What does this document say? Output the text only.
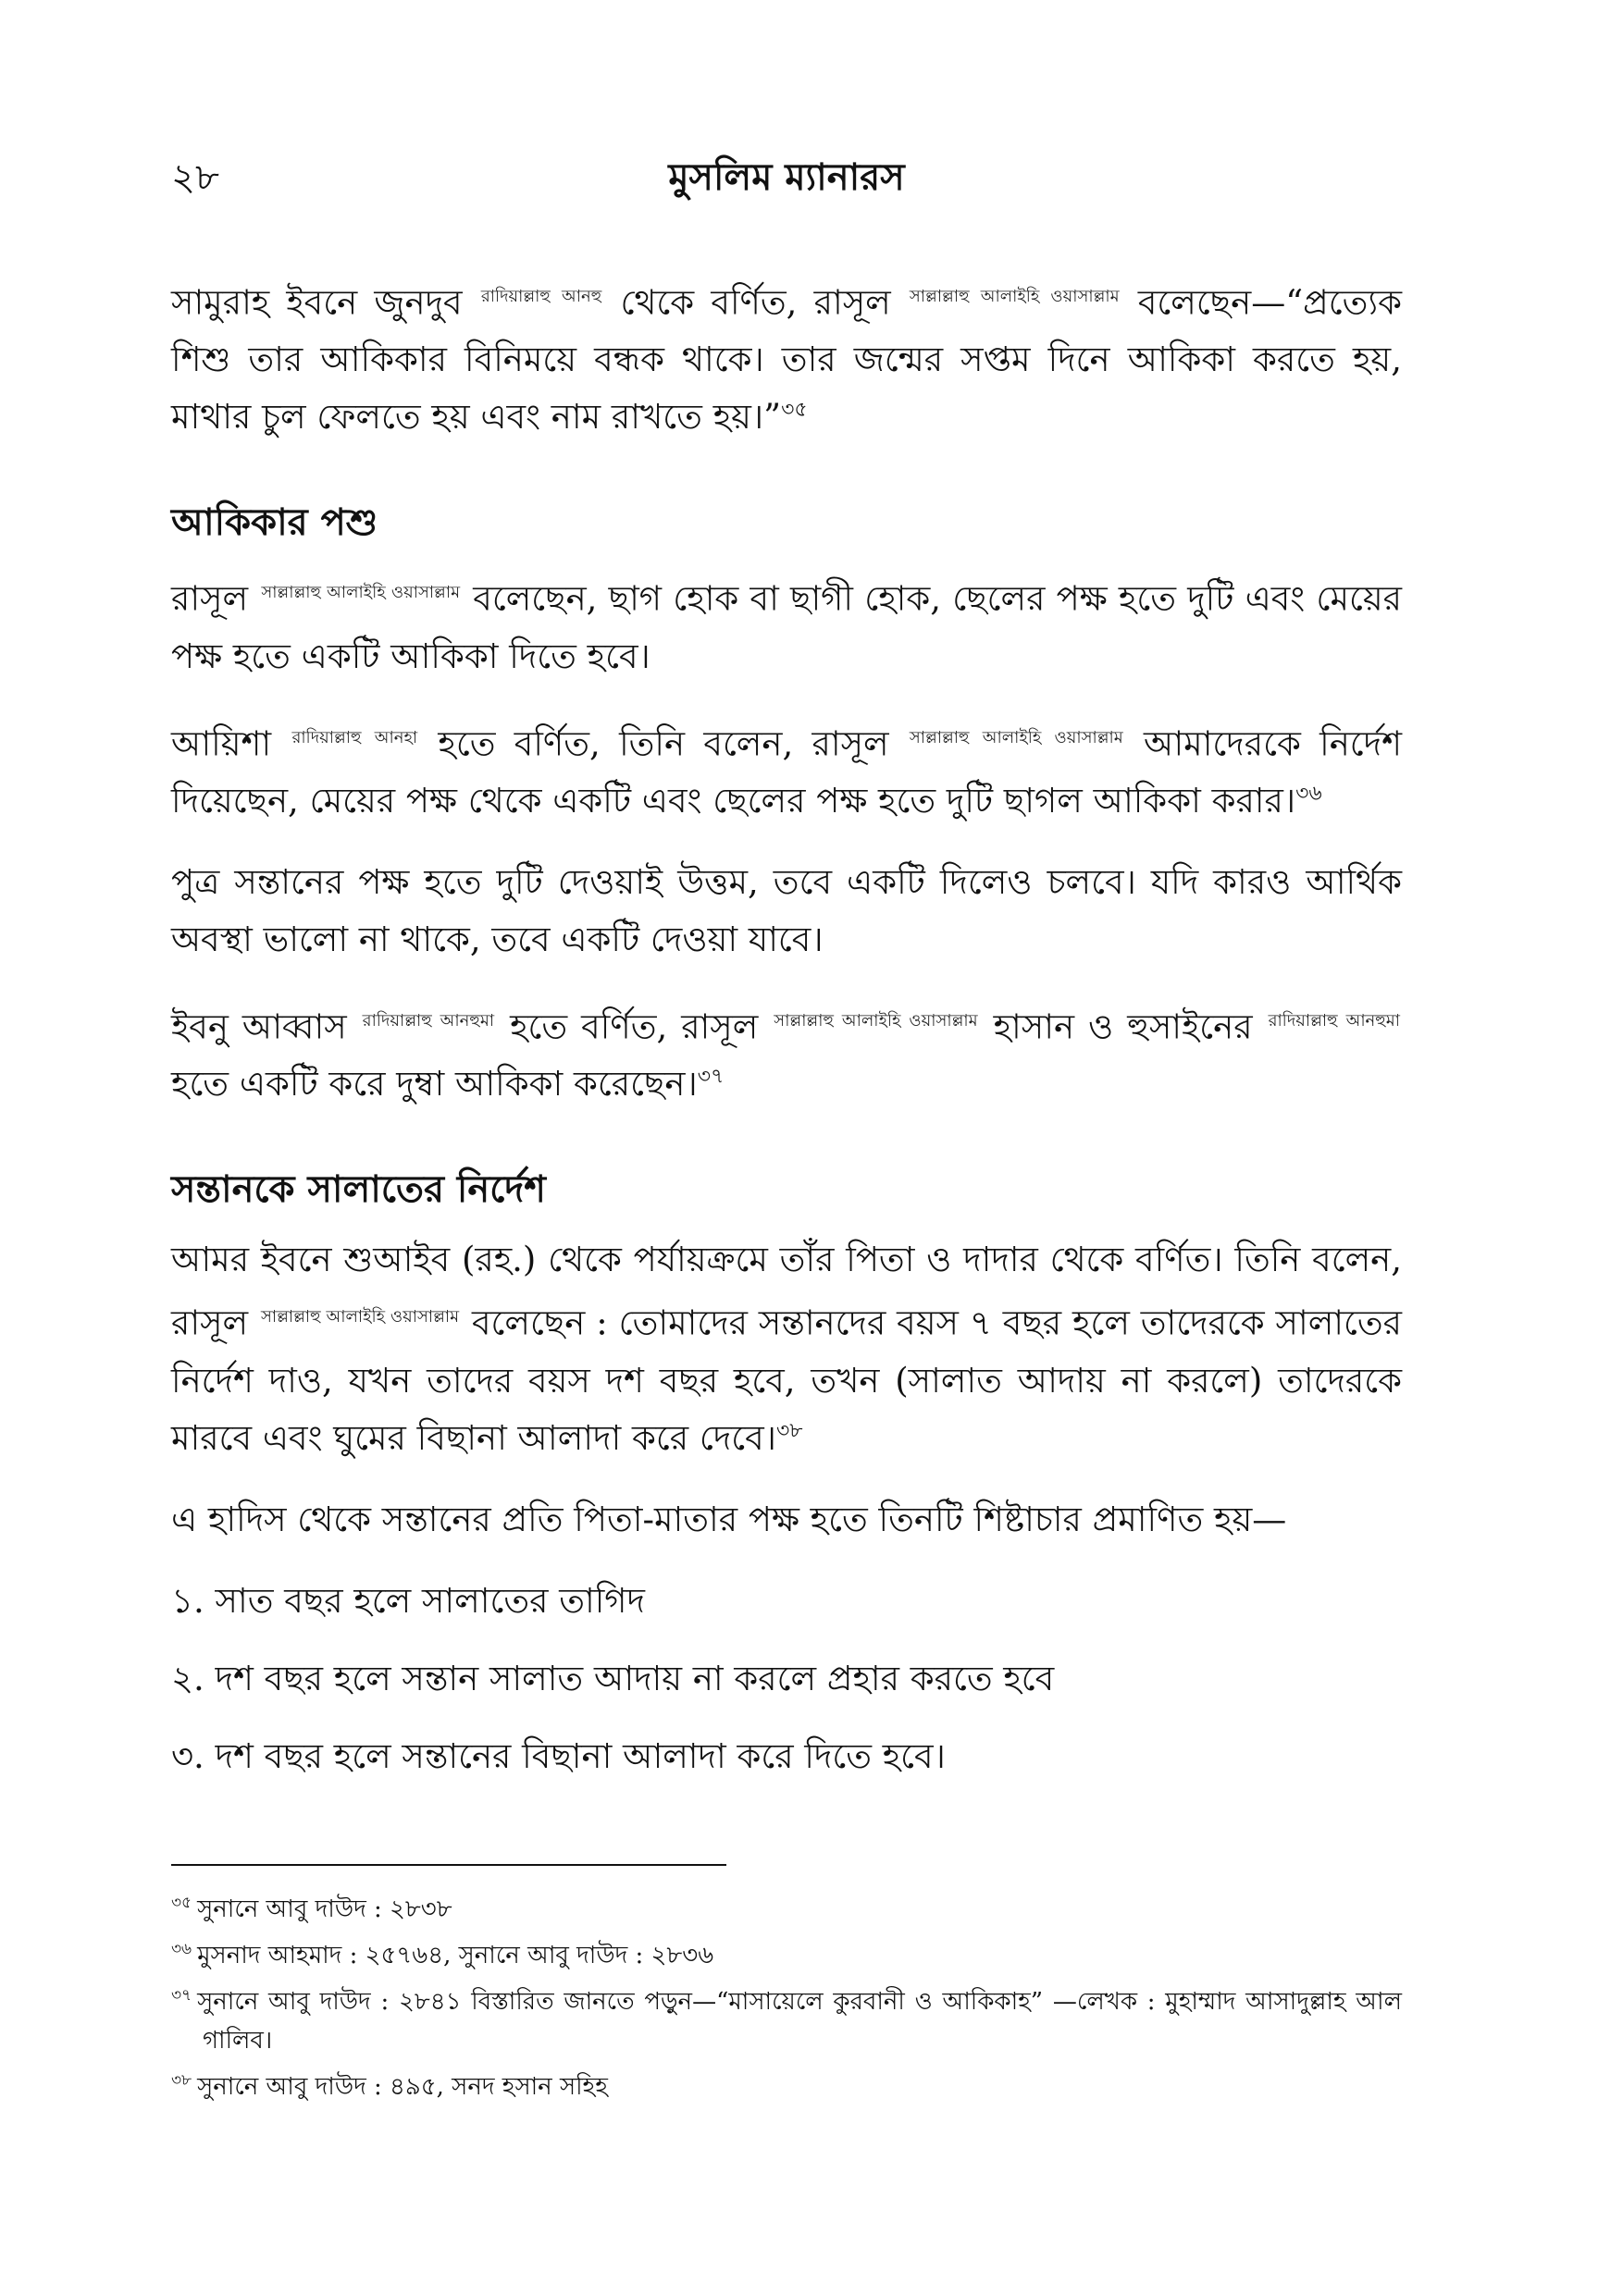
২৮	মুসলিম ম্যানারস

সামুরাহ ইবনে জুনদুব $^{রাদিয়াল্লাহু আনহু}$ থেকে বর্ণিত, রাসূল $^{সাল্লাল্লাহু আলাইহি ওয়াসাল্লাম}$ বলেছেন—“প্রত্যেক শিশু তার আকিকার বিনিময়ে বন্ধক থাকে। তার জন্মের সপ্তম দিনে আকিকা করতে হয়, মাথার চুল ফেলতে হয় এবং নাম রাখতে হয়।”$^{৩৫}$

আকিকার পশু

রাসূল $^{সাল্লাল্লাহু আলাইহি ওয়াসাল্লাম}$ বলেছেন, ছাগ হোক বা ছাগী হোক, ছেলের পক্ষ হতে দুটি এবং মেয়ের পক্ষ হতে একটি আকিকা দিতে হবে।

আয়িশা $^{রাদিয়াল্লাহু আনহা}$ হতে বর্ণিত, তিনি বলেন, রাসূল $^{সাল্লাল্লাহু আলাইহি ওয়াসাল্লাম}$ আমাদেরকে নির্দেশ দিয়েছেন, মেয়ের পক্ষ থেকে একটি এবং ছেলের পক্ষ হতে দুটি ছাগল আকিকা করার।$^{৩৬}$

পুত্র সন্তানের পক্ষ হতে দুটি দেওয়াই উত্তম, তবে একটি দিলেও চলবে। যদি কারও আর্থিক অবস্থা ভালো না থাকে, তবে একটি দেওয়া যাবে।

ইবনু আব্বাস $^{রাদিয়াল্লাহু আনহুমা}$ হতে বর্ণিত, রাসূল $^{সাল্লাল্লাহু আলাইহি ওয়াসাল্লাম}$ হাসান ও হুসাইনের $^{রাদিয়াল্লাহু আনহুমা}$ হতে একটি করে দুম্বা আকিকা করেছেন।$^{৩৭}$

সন্তানকে সালাতের নির্দেশ

আমর ইবনে শুআইব (রহ.) থেকে পর্যায়ক্রমে তাঁর পিতা ও দাদার থেকে বর্ণিত। তিনি বলেন, রাসূল $^{সাল্লাল্লাহু আলাইহি ওয়াসাল্লাম}$ বলেছেন : তোমাদের সন্তানদের বয়স ৭ বছর হলে তাদেরকে সালাতের নির্দেশ দাও, যখন তাদের বয়স দশ বছর হবে, তখন (সালাত আদায় না করলে) তাদেরকে মারবে এবং ঘুমের বিছানা আলাদা করে দেবে।$^{৩৮}$

এ হাদিস থেকে সন্তানের প্রতি পিতা-মাতার পক্ষ হতে তিনটি শিষ্টাচার প্রমাণিত হয়—

১. সাত বছর হলে সালাতের তাগিদ
২. দশ বছর হলে সন্তান সালাত আদায় না করলে প্রহার করতে হবে
৩. দশ বছর হলে সন্তানের বিছানা আলাদা করে দিতে হবে।
$^{৩৫}$ সুনানে আবু দাউদ : ২৮৩৮
$^{৩৬}$ মুসনাদ আহমাদ : ২৫৭৬৪, সুনানে আবু দাউদ : ২৮৩৬
$^{৩৭}$ সুনানে আবু দাউদ : ২৮৪১ বিস্তারিত জানতে পড়ুন—“মাসায়েলে কুরবানী ও আকিকাহ” —লেখক : মুহাম্মাদ আসাদুল্লাহ আল গালিব।
$^{৩৮}$ সুনানে আবু দাউদ : ৪৯৫, সনদ হসান সহিহ
